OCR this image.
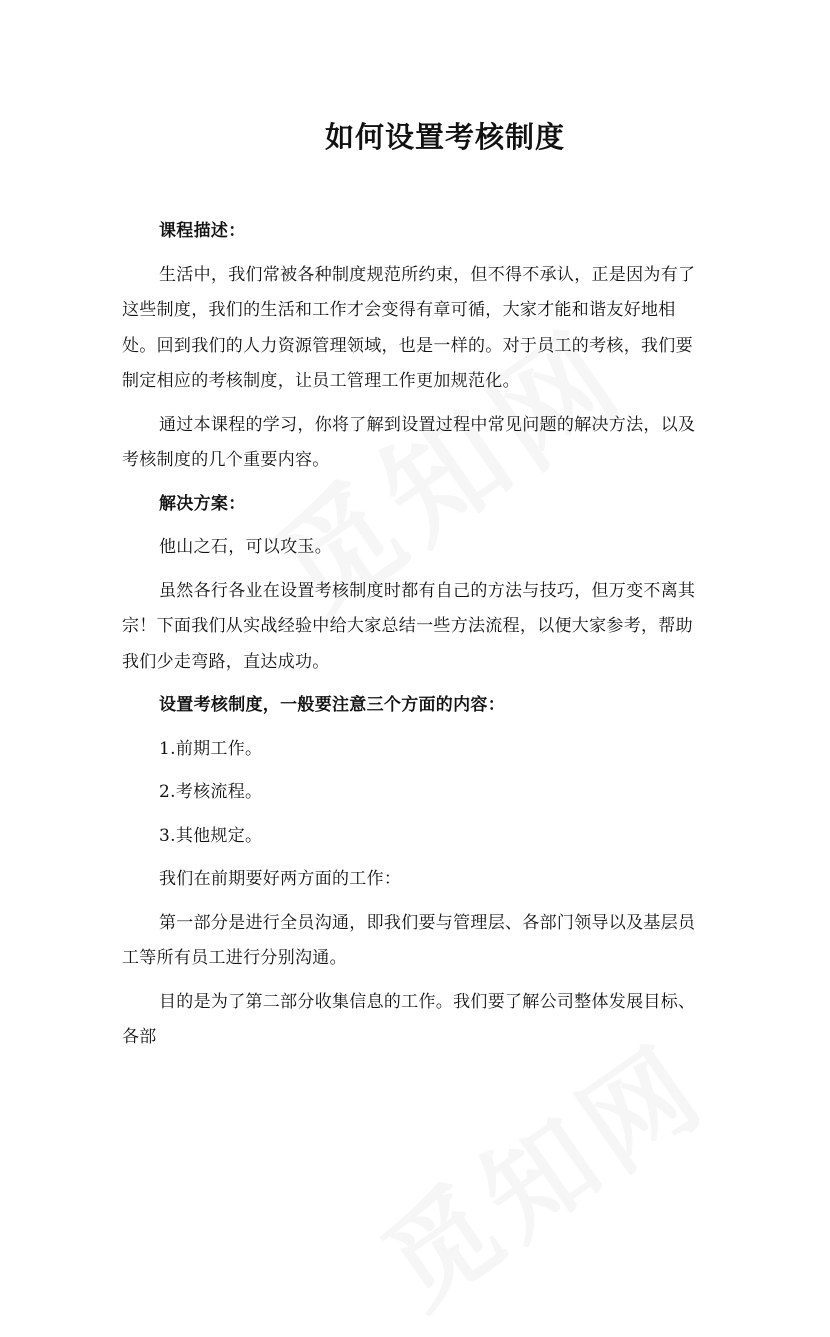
如何设置考核制度

课程描述：

生活中，我们常被各种制度规范所约束，但不得不承认，正是因为有了这些制度，我们的生活和工作才会变得有章可循，大家才能和谐友好地相处。回到我们的人力资源管理领域，也是一样的。对于员工的考核，我们要制定相应的考核制度，让员工管理工作更加规范化。

通过本课程的学习，你将了解到设置过程中常见问题的解决方法，以及考核制度的几个重要内容。

解决方案：

他山之石，可以攻玉。

虽然各行各业在设置考核制度时都有自己的方法与技巧，但万变不离其宗！下面我们从实战经验中给大家总结一些方法流程，以便大家参考，帮助我们少走弯路，直达成功。

设置考核制度，一般要注意三个方面的内容：

1.前期工作。

2.考核流程。

3.其他规定。

我们在前期要好两方面的工作：

第一部分是进行全员沟通，即我们要与管理层、各部门领导以及基层员工等所有员工进行分别沟通。

目的是为了第二部分收集信息的工作。我们要了解公司整体发展目标、各部
